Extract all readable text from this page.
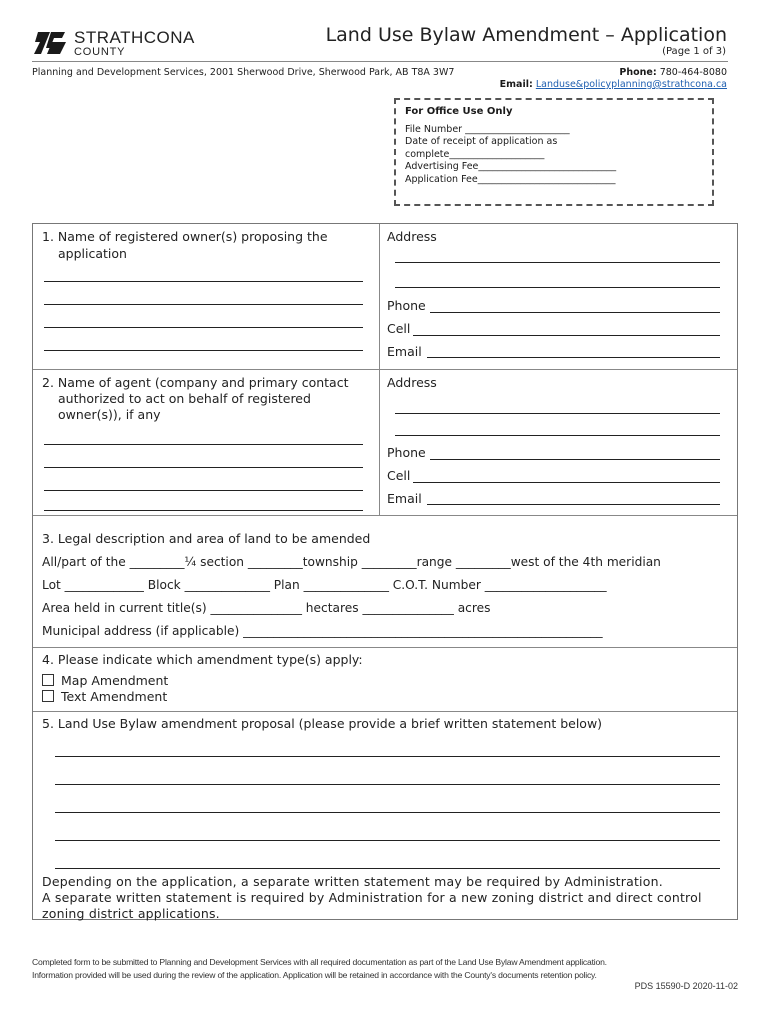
STRATHCONA
COUNTY
Land Use Bylaw Amendment – Application
(Page 1 of 3)
Planning and Development Services, 2001 Sherwood Drive, Sherwood Park, AB T8A 3W7	Phone: 780-464-8080
Email: Landuse&policyplanning@strathcona.ca
For Office Use Only
File Number ______________________
Date of receipt of application as
complete____________________
Advertising Fee_____________________________
Application Fee_____________________________
1. Name of registered owner(s) proposing the
application
Address
Phone
Cell
Email
2. Name of agent (company and primary contact
authorized to act on behalf of registered
owner(s)), if any
Address
Phone
Cell
Email
3. Legal description and area of land to be amended
All/part of the _________¼ section _________township _________range _________west of the 4th meridian
Lot _____________ Block ______________ Plan ______________ C.O.T. Number ____________________
Area held in current title(s) _______________ hectares _______________ acres
Municipal address (if applicable) ___________________________________________________________
4. Please indicate which amendment type(s) apply:
Map Amendment
Text Amendment
5. Land Use Bylaw amendment proposal (please provide a brief written statement below)
Depending on the application, a separate written statement may be required by Administration.
A separate written statement is required by Administration for a new zoning district and direct control
zoning district applications.
Completed form to be submitted to Planning and Development Services with all required documentation as part of the Land Use Bylaw Amendment application.
Information provided will be used during the review of the application. Application will be retained in accordance with the County's documents retention policy.
PDS 15590-D 2020-11-02
